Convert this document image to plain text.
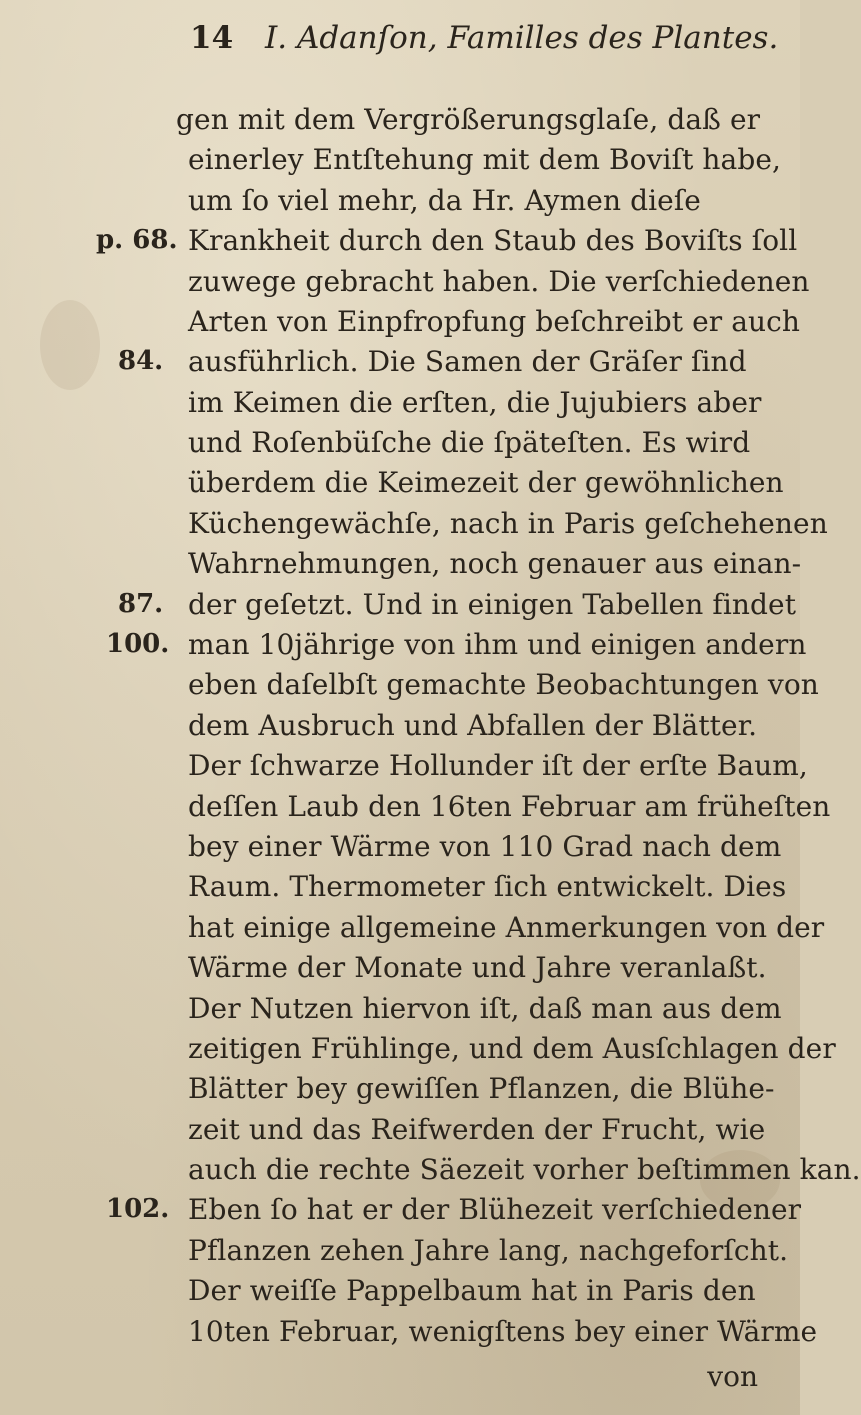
14 I. Adanſon, Familles des Plantes.
p. 68.
84.
87.
100.
102.
gen mit dem Vergrößerungsglaſe, daß er
einerley Entſtehung mit dem Boviſt habe,
um ſo viel mehr, da Hr. Aymen dieſe
Krankheit durch den Staub des Boviſts ſoll
zuwege gebracht haben. Die verſchiedenen
Arten von Einpfropfung beſchreibt er auch
ausführlich. Die Samen der Gräſer ſind
im Keimen die erſten, die Jujubiers aber
und Roſenbüſche die ſpäteſten. Es wird
überdem die Keimezeit der gewöhnlichen
Küchengewächſe, nach in Paris geſchehenen
Wahrnehmungen, noch genauer aus einan-
der geſetzt. Und in einigen Tabellen findet
man 10jährige von ihm und einigen andern
eben daſelbſt gemachte Beobachtungen von
dem Ausbruch und Abfallen der Blätter.
Der ſchwarze Hollunder iſt der erſte Baum,
deſſen Laub den 16ten Februar am früheſten
bey einer Wärme von 110 Grad nach dem
Raum. Thermometer ſich entwickelt. Dies
hat einige allgemeine Anmerkungen von der
Wärme der Monate und Jahre veranlaßt.
Der Nutzen hiervon iſt, daß man aus dem
zeitigen Frühlinge, und dem Ausſchlagen der
Blätter bey gewiſſen Pflanzen, die Blühe-
zeit und das Reifwerden der Frucht, wie
auch die rechte Säezeit vorher beſtimmen kan.
Eben ſo hat er der Blühezeit verſchiedener
Pflanzen zehen Jahre lang, nachgeforſcht.
Der weiſſe Pappelbaum hat in Paris den
10ten Februar, wenigſtens bey einer Wärme
von
